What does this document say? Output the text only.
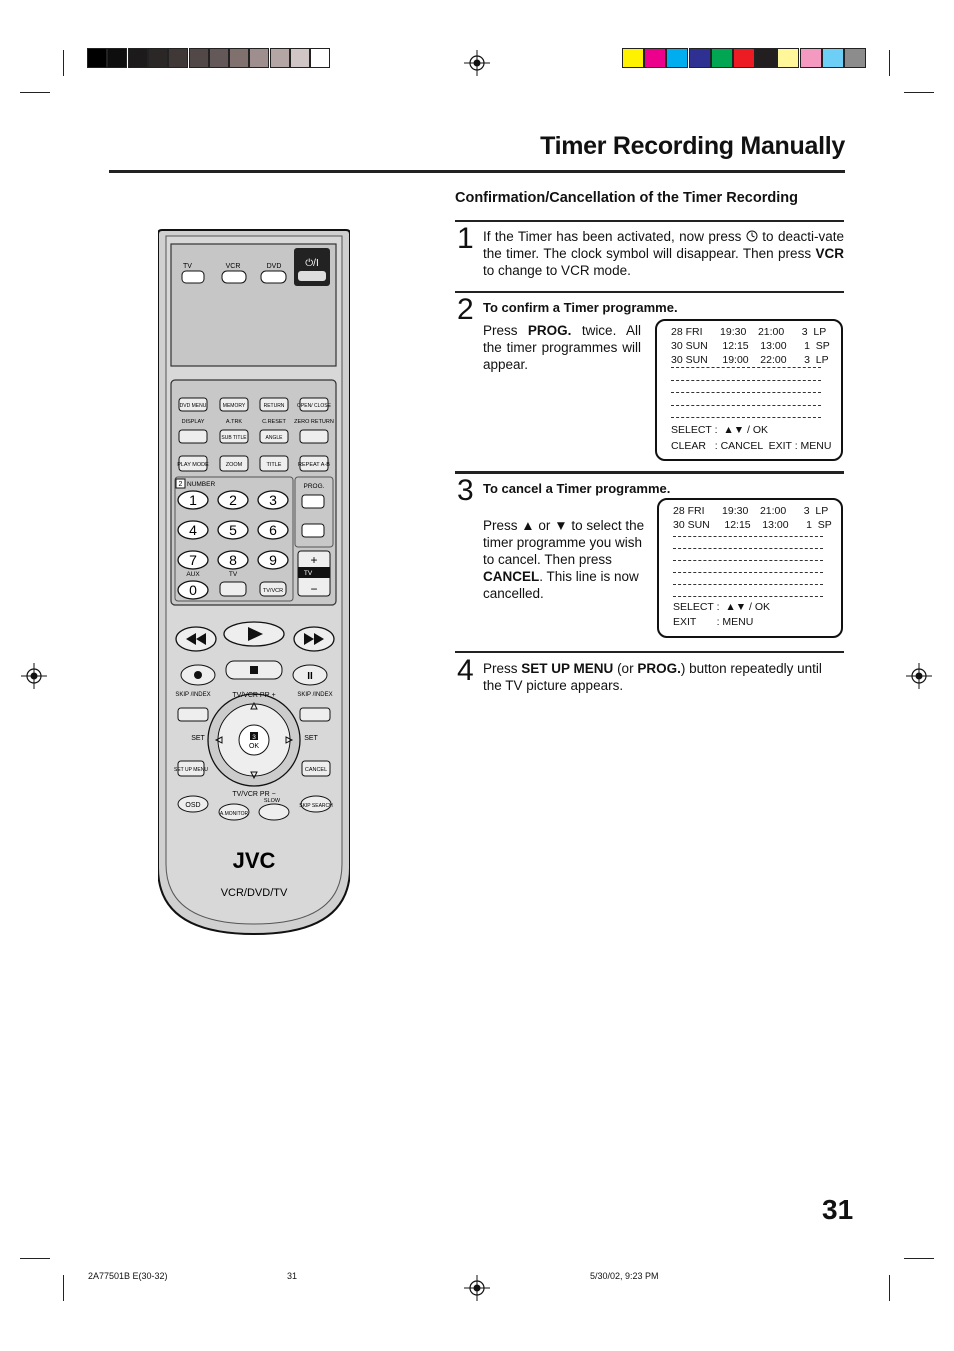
Timer Recording Manually
Confirmation/Cancellation of the Timer Recording
1 If the Timer has been activated, now press to deacti-vate the timer. The clock symbol will disappear. Then press VCR to change to VCR mode.
2 To confirm a Timer programme.
Press PROG. twice. All the timer programmes will appear.
28 FRI      19:30    21:00      3  LP
30 SUN     12:15    13:00      1  SP
30 SUN     19:00    22:00      3  LP
SELECT :  ▲▼ / OK
CLEAR   : CANCEL  EXIT : MENU
3 To cancel a Timer programme.
Press ▲ or ▼ to select the timer programme you wish to cancel. Then press CANCEL. This line is now cancelled.
28 FRI      19:30    21:00      3  LP
30 SUN     12:15    13:00      1  SP
SELECT :  ▲▼ / OK
EXIT       : MENU
4 Press SET UP MENU (or PROG.) button repeatedly until the TV picture appears.
⏻/I
TV	VCR	DVD
DVD MENU	MEMORY	RETURN	OPEN/ CLOSE
DISPLAY	A.TRK	C.RESET ZERO RETURN
SUB TITLE	ANGLE
PLAY MODE	ZOOM	TITLE	REPEAT A-B
2 NUMBER	PROG.
1 2 3
4 5 6
7 8 9
AUX
0
TV
TV/VCR
TV
+
−
II
SKIP /INDEX	SKIP /INDEX
OK
3
TV/VCR PR +
TV/VCR PR −
SET	SET
SET UP MENU	CANCEL
OSD
A.MONITOR
SLOW
SKIP SEARCH
JVC
VCR/DVD/TV
31
2A77501B E(30-32)	31	5/30/02, 9:23 PM
